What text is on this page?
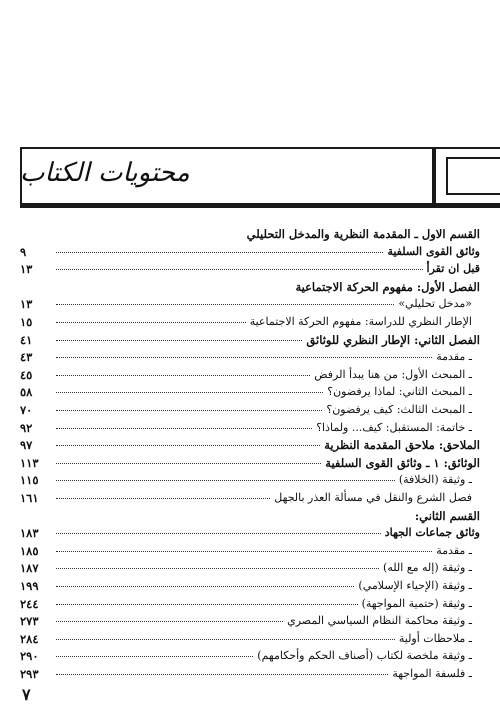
محتويات الكتاب
القسم الاول ـ المقدمة النظرية والمدخل التحليلي
وثائق القوى السلفية
٩
قبل ان تقرأ
١٣
الفصل الأول: مفهوم الحركة الاجتماعية
«مدخل تحليلي»
١٣
الإطار النظري للدراسة: مفهوم الحركة الاجتماعية
١٥
الفصل الثاني: الإطار النظري للوثائق
٤١
ـ مقدمة
٤٣
ـ المبحث الأول: من هنا يبدأ الرفض
٤٥
ـ المبحث الثاني: لماذا يرفضون؟
٥٨
ـ المبحث الثالث: كيف يرفضون؟
٧٠
ـ خاتمة: المستقبل: كيف... ولماذا؟
٩٢
الملاحق: ملاحق المقدمة النظرية
٩٧
الوثائق: ١ ـ وثائق القوى السلفية
١١٣
ـ وثيقة (الخلافة)
١١٥
فصل الشرع والنقل في مسألة العذر بالجهل
١٦١
القسم الثاني:
وثائق جماعات الجهاد
١٨٣
ـ مقدمة
١٨٥
ـ وثيقة (إله مع الله)
١٨٧
ـ وثيقة (الإحياء الإسلامي)
١٩٩
ـ وثيقة (حتمية المواجهة)
٢٤٤
ـ وثيقة محاكمة النظام السياسي المصري
٢٧٣
ـ ملاحظات أولية
٢٨٤
ـ وثيقة ملخصة لكتاب (أصناف الحكم وأحكامهم)
٢٩٠
ـ فلسفة المواجهة
٢٩٣
٧
